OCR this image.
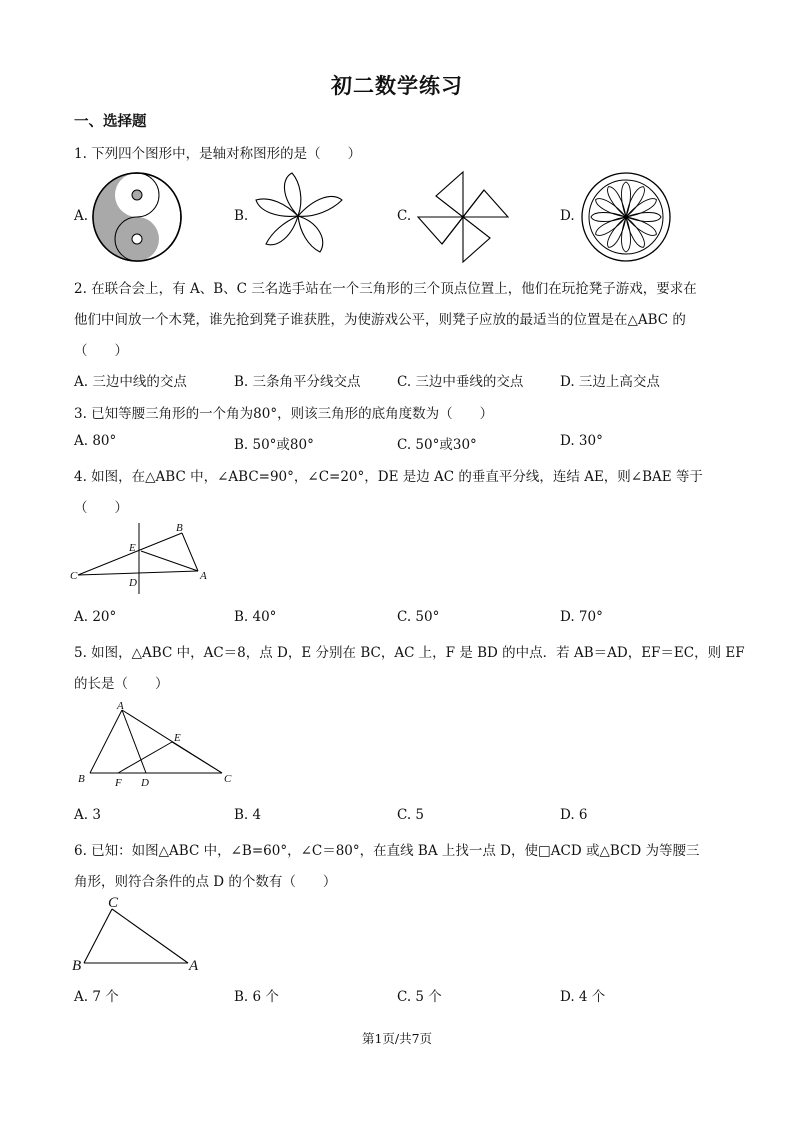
初二数学练习
一、选择题
1. 下列四个图形中，是轴对称图形的是（　　）
A.	B.	C.	D.
2. 在联合会上，有 A、B、C 三名选手站在一个三角形的三个顶点位置上，他们在玩抢凳子游戏，要求在
他们中间放一个木凳，谁先抢到凳子谁获胜，为使游戏公平，则凳子应放的最适当的位置是在△ABC 的
（　　）
A. 三边中线的交点	B. 三条角平分线交点	C. 三边中垂线的交点	D. 三边上高交点
3. 已知等腰三角形的一个角为80°，则该三角形的底角度数为（　　）
A. 80°	B. 50°或80°	C. 50°或30°	D. 30°
4. 如图，在△ABC 中，∠ABC=90°，∠C=20°，DE 是边 AC 的垂直平分线，连结 AE，则∠BAE 等于
（　　）
B
E
C
D
A
A. 20°	B. 40°	C. 50°	D. 70°
5. 如图，△ABC 中，AC＝8，点 D，E 分别在 BC，AC 上，F 是 BD 的中点．若 AB＝AD，EF＝EC，则 EF
的长是（　　）
A
E
B	F D	C
A. 3	B. 4	C. 5	D. 6
6. 已知：如图△ABC 中，∠B=60°，∠C＝80°，在直线 BA 上找一点 D，使□ACD 或△BCD 为等腰三
角形，则符合条件的点 D 的个数有（　　）
C
B	A
A. 7 个	B. 6 个	C. 5 个	D. 4 个
第1页/共7页
